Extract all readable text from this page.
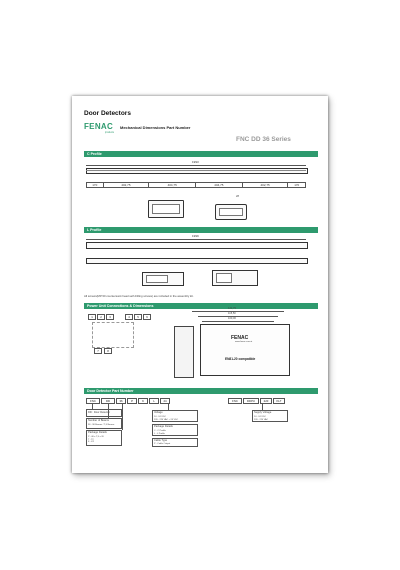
Door Detectors
FENAC
products
Mechanical Dimensions Part Number
FNC DD 36 Series
C Profile
1993
170	402,75	404,75	404,75	402,75	170
28
L Profile
1999
All screws(M4*20 countersunk head self drilling screws) are included in the assembly kit.
Power Unit Connections & Dimensions
1	2	3	4	5	6
7	8
121,75
115,50
100,00
FENAC
www.fenac.com.tr
EN81-20 compatible
Door Detector Part Number
FNC	DD	36	P	K	L	24	FNC	DDPU	220	KLT
DD : Door Detector
Number of Beams
36 : 36 Beams / 7,5 Beams
Package Details
P : 40 x 7,5 x 20
T : T2
K : K2
Voltage
24 : 24 VDC
220 : 220 VAC + 24 VDC
Package Details
C : C Profile
L : L Profile
Cable Type
P : Cable Output
Supply Voltage
24 : 24 VDC
220 : 220 VAC
